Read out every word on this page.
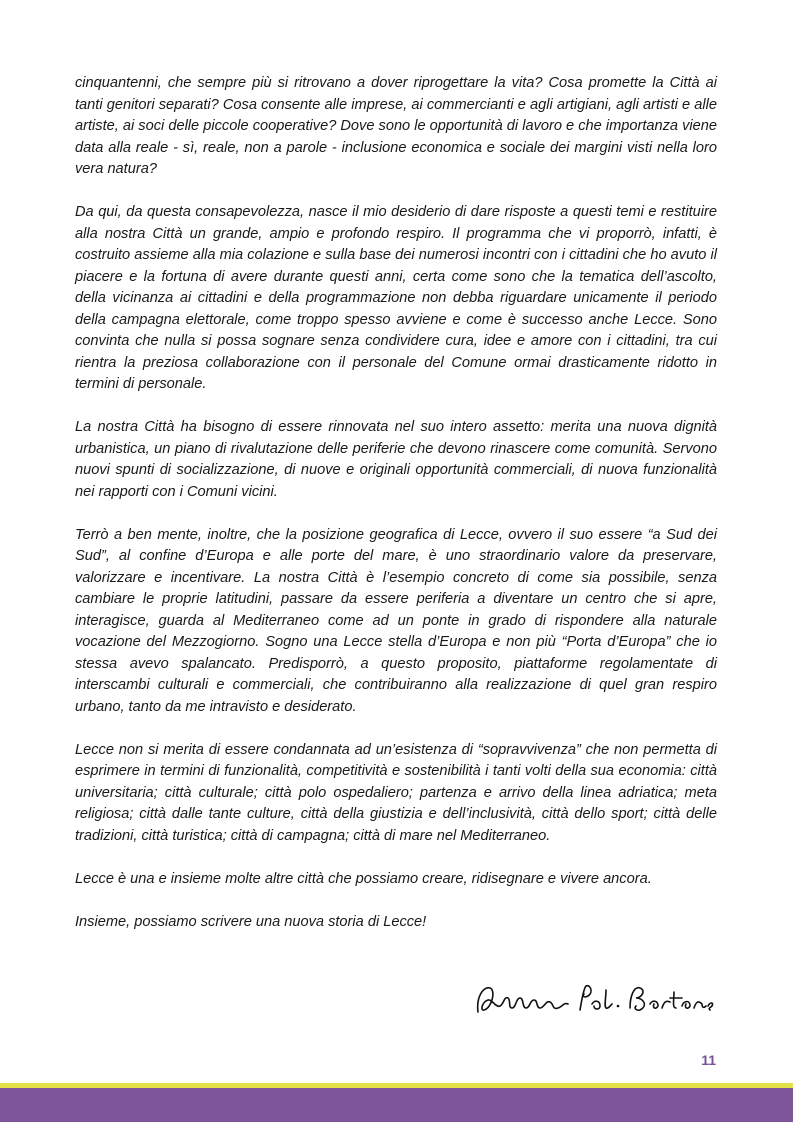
cinquantenni, che sempre più si ritrovano a dover riprogettare la vita? Cosa promette la Città ai tanti genitori separati? Cosa consente alle imprese, ai commercianti e agli artigiani, agli artisti e alle artiste, ai soci delle piccole cooperative? Dove sono le opportunità di lavoro e che importanza viene data alla reale - sì, reale, non a parole - inclusione economica e sociale dei margini visti nella loro vera natura?

Da qui, da questa consapevolezza, nasce il mio desiderio di dare risposte a questi temi e restituire alla nostra Città un grande, ampio e profondo respiro. Il programma che vi proporrò, infatti, è costruito assieme alla mia colazione e sulla base dei numerosi incontri con i cittadini che ho avuto il piacere e la fortuna di avere durante questi anni, certa come sono che la tematica dell’ascolto, della vicinanza ai cittadini e della programmazione non debba riguardare unicamente il periodo della campagna elettorale, come troppo spesso avviene e come è successo anche Lecce. Sono convinta che nulla si possa sognare senza condividere cura, idee e amore con i cittadini, tra cui rientra la preziosa collaborazione con il personale del Comune ormai drasticamente ridotto in termini di personale.

La nostra Città ha bisogno di essere rinnovata nel suo intero assetto: merita una nuova dignità urbanistica, un piano di rivalutazione delle periferie che devono rinascere come comunità. Servono nuovi spunti di socializzazione, di nuove e originali opportunità commerciali, di nuova funzionalità nei rapporti con i Comuni vicini.

Terrò a ben mente, inoltre, che la posizione geografica di Lecce, ovvero il suo essere “a Sud dei Sud”, al confine d’Europa e alle porte del mare, è uno straordinario valore da preservare, valorizzare e incentivare. La nostra Città è l’esempio concreto di come sia possibile, senza cambiare le proprie latitudini, passare da essere periferia a diventare un centro che si apre, interagisce, guarda al Mediterraneo come ad un ponte in grado di rispondere alla naturale vocazione del Mezzogiorno. Sogno una Lecce stella d’Europa e non più “Porta d’Europa” che io stessa avevo spalancato. Predisporrò, a questo proposito, piattaforme regolamentate di interscambi culturali e commerciali, che contribuiranno alla realizzazione di quel gran respiro urbano, tanto da me intravisto e desiderato.

Lecce non si merita di essere condannata ad un’esistenza di “sopravvivenza” che non permetta di esprimere in termini di funzionalità, competitività e sostenibilità i tanti volti della sua economia: città universitaria; città culturale; città polo ospedaliero; partenza e arrivo della linea adriatica; meta religiosa; città dalle tante culture, città della giustizia e dell’inclusività, città dello sport; città delle tradizioni, città turistica; città di campagna; città di mare nel Mediterraneo.

Lecce è una e insieme molte altre città che possiamo creare, ridisegnare e vivere ancora.

Insieme, possiamo scrivere una nuova storia di Lecce!

11
